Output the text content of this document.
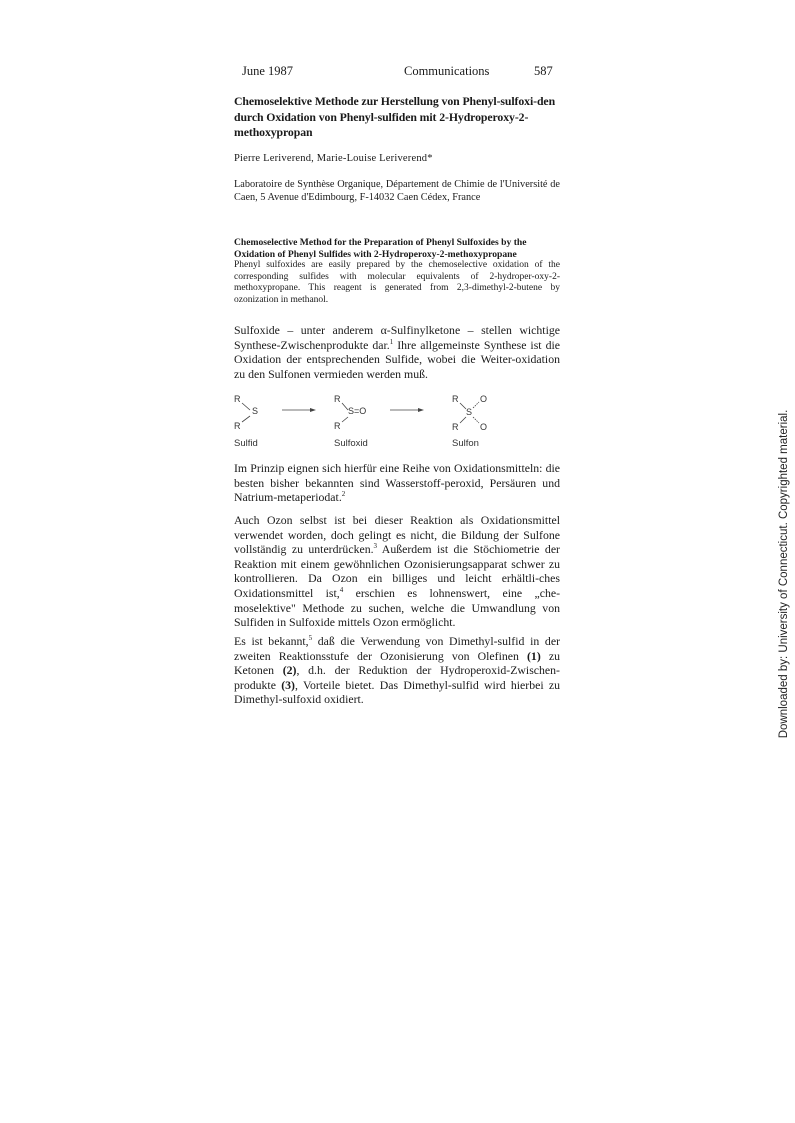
June 1987	Communications	587
Chemoselektive Methode zur Herstellung von Phenyl-sulfoxi-den durch Oxidation von Phenyl-sulfiden mit 2-Hydroperoxy-2-methoxypropan
Pierre Leriverend, Marie-Louise Leriverend*
Laboratoire de Synthèse Organique, Département de Chimie de l'Université de Caen, 5 Avenue d'Edimbourg, F-14032 Caen Cédex, France
Chemoselective Method for the Preparation of Phenyl Sulfoxides by the Oxidation of Phenyl Sulfides with 2-Hydroperoxy-2-methoxypropane
Phenyl sulfoxides are easily prepared by the chemoselective oxidation of the corresponding sulfides with molecular equivalents of 2-hydroper-oxy-2-methoxypropane. This reagent is generated from 2,3-dimethyl-2-butene by ozonization in methanol.
Sulfoxide – unter anderem α-Sulfinylketone – stellen wichtige Synthese-Zwischenprodukte dar.$^1$ Ihre allgemeinste Synthese ist die Oxidation der entsprechenden Sulfide, wobei die Weiter-oxidation zu den Sulfonen vermieden werden muß.
R
S
R
Sulfid
R
S=O
R
Sulfoxid
R O
S
R O
Sulfon
Im Prinzip eignen sich hierfür eine Reihe von Oxidationsmitteln: die besten bisher bekannten sind Wasserstoff-peroxid, Persäuren und Natrium-metaperiodat.$^2$
Auch Ozon selbst ist bei dieser Reaktion als Oxidationsmittel verwendet worden, doch gelingt es nicht, die Bildung der Sulfone vollständig zu unterdrücken.$^3$ Außerdem ist die Stöchiometrie der Reaktion mit einem gewöhnlichen Ozonisierungsapparat schwer zu kontrollieren. Da Ozon ein billiges und leicht erhältli-ches Oxidationsmittel ist,$^4$ erschien es lohnenswert, eine „che-moselektive" Methode zu suchen, welche die Umwandlung von Sulfiden in Sulfoxide mittels Ozon ermöglicht.
Es ist bekannt,$^5$ daß die Verwendung von Dimethyl-sulfid in der zweiten Reaktionsstufe der Ozonisierung von Olefinen (1) zu Ketonen (2), d.h. der Reduktion der Hydroperoxid-Zwischen-produkte (3), Vorteile bietet. Das Dimethyl-sulfid wird hierbei zu Dimethyl-sulfoxid oxidiert.	Downloaded by: University of Connecticut. Copyrighted material.
